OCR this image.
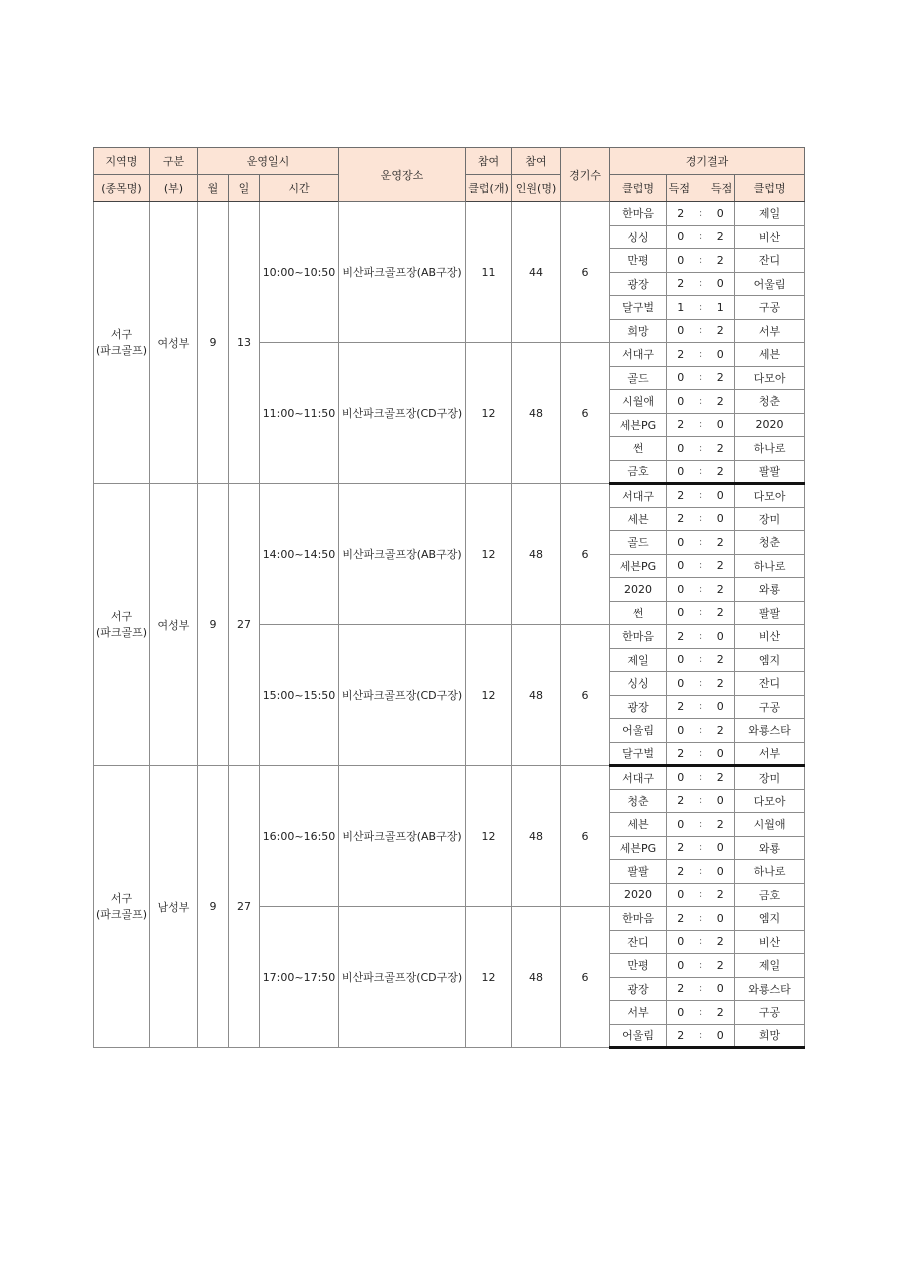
지역명	구분	운영일시			운영장소	참여	참여	경기수	경기결과				
(종목명)	(부)	월	일	시간		클럽(개)	인원(명)		클럽명	득점 득점			클럽명

서구
(파크골프)	여성부	9	13	10:00~10:50	비산파크골프장(AB구장)	11	44	6	한마음	2	:	0	제일
									싱싱	0	:	2	비산
									만평	0	:	2	잔디
									광장	2	:	0	어울림
									달구벌	1	:	1	구공
									희망	0	:	2	서부
				11:00~11:50	비산파크골프장(CD구장)	12	48	6	서대구	2	:	0	세븐
									골드	0	:	2	다모아
									시월애	0	:	2	청춘
									세븐PG	2	:	0	2020
									썬	0	:	2	하나로
									금호	0	:	2	팔팔

서구
(파크골프)	여성부	9	27	14:00~14:50	비산파크골프장(AB구장)	12	48	6	서대구	2	:	0	다모아
									세븐	2	:	0	장미
									골드	0	:	2	청춘
									세븐PG	0	:	2	하나로
									2020	0	:	2	와룡
									썬	0	:	2	팔팔
				15:00~15:50	비산파크골프장(CD구장)	12	48	6	한마음	2	:	0	비산
									제일	0	:	2	엠지
									싱싱	0	:	2	잔디
									광장	2	:	0	구공
									어울림	0	:	2	와룡스타
									달구벌	2	:	0	서부

서구
(파크골프)	남성부	9	27	16:00~16:50	비산파크골프장(AB구장)	12	48	6	서대구	0	:	2	장미
									청춘	2	:	0	다모아
									세븐	0	:	2	시월애
									세븐PG	2	:	0	와룡
									팔팔	2	:	0	하나로
									2020	0	:	2	금호
				17:00~17:50	비산파크골프장(CD구장)	12	48	6	한마음	2	:	0	엠지
									잔디	0	:	2	비산
									만평	0	:	2	제일
									광장	2	:	0	와룡스타
									서부	0	:	2	구공
									어울림	2	:	0	희망
